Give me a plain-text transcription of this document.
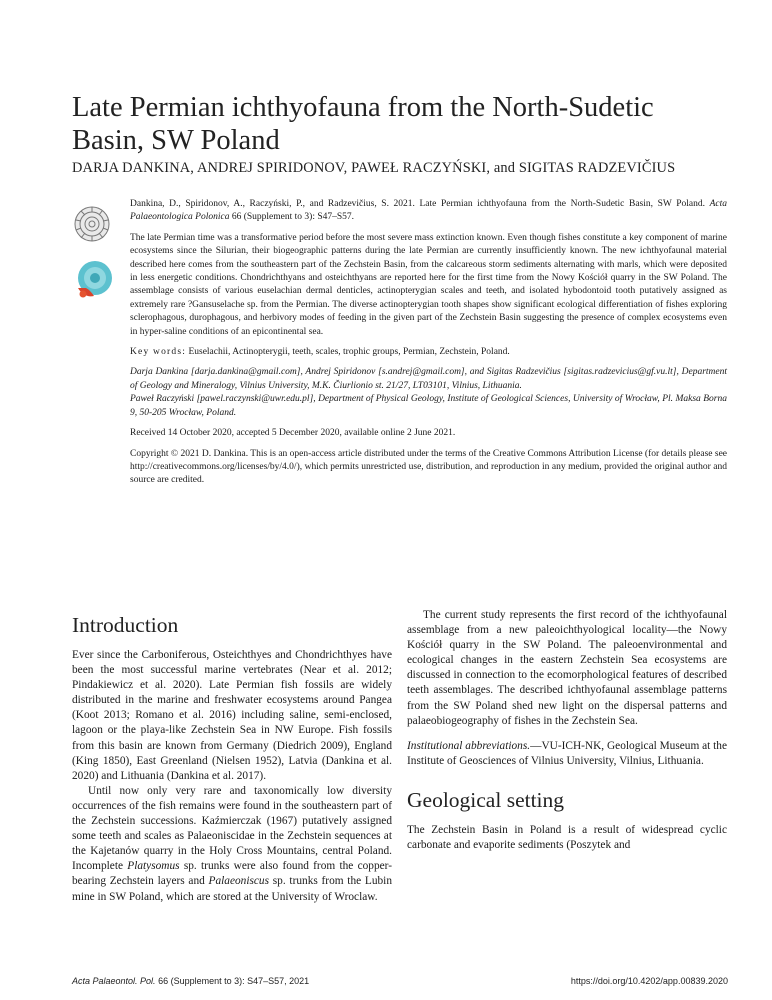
Late Permian ichthyofauna from the North-Sudetic Basin, SW Poland
DARJA DANKINA, ANDREJ SPIRIDONOV, PAWEŁ RACZYŃSKI, and SIGITAS RADZEVIČIUS

Dankina, D., Spiridonov, A., Raczyński, P., and Radzevičius, S. 2021. Late Permian ichthyofauna from the North-Sudetic Basin, SW Poland. Acta Palaeontologica Polonica 66 (Supplement to 3): S47–S57.

The late Permian time was a transformative period before the most severe mass extinction known. Even though fishes constitute a key component of marine ecosystems since the Silurian, their biogeographic patterns during the late Permian are currently insufficiently known. The new ichthyofaunal material described here comes from the southeastern part of the Zechstein Basin, from the calcareous storm sediments alternating with marls, which were deposited in less energetic conditions. Chondrichthyans and osteichthyans are reported here for the first time from the Nowy Kościół quarry in the SW Poland. The assemblage consists of various euselachian dermal denticles, actinopterygian scales and teeth, and isolated hybodontoid tooth putatively assigned as extremely rare ?Gansuselache sp. from the Permian. The diverse actinopterygian tooth shapes show significant ecological differentiation of fishes exploring sclerophagous, durophagous, and herbivory modes of feeding in the given part of the Zechstein Basin suggesting the presence of complex ecosystems even in hyper-saline conditions of an epicontinental sea.

Key words: Euselachii, Actinopterygii, teeth, scales, trophic groups, Permian, Zechstein, Poland.

Darja Dankina [darja.dankina@gmail.com], Andrej Spiridonov [s.andrej@gmail.com], and Sigitas Radzevičius [sigitas.radzevicius@gf.vu.lt], Department of Geology and Mineralogy, Vilnius University, M.K. Čiurlionio st. 21/27, LT03101, Vilnius, Lithuania.

Paweł Raczyński [pawel.raczynski@uwr.edu.pl], Department of Physical Geology, Institute of Geological Sciences, University of Wrocław, Pl. Maksa Borna 9, 50-205 Wrocław, Poland.

Received 14 October 2020, accepted 5 December 2020, available online 2 June 2021.

Copyright © 2021 D. Dankina. This is an open-access article distributed under the terms of the Creative Commons Attribution License (for details please see http://creativecommons.org/licenses/by/4.0/), which permits unrestricted use, distribution, and reproduction in any medium, provided the original author and source are credited.

Introduction

Ever since the Carboniferous, Osteichthyes and Chondrichthyes have been the most successful marine vertebrates (Near et al. 2012; Pindakiewicz et al. 2020). Late Permian fish fossils are widely distributed in the marine and freshwater ecosystems around Pangea (Koot 2013; Romano et al. 2016) including saline, semi-enclosed, lagoon or the playa-like Zechstein Sea in NW Europe. Fish fossils from this basin are known from Germany (Diedrich 2009), England (King 1850), East Greenland (Nielsen 1952), Latvia (Dankina et al. 2020) and Lithuania (Dankina et al. 2017).

Until now only very rare and taxonomically low diversity occurrences of the fish remains were found in the southeastern part of the Zechstein successions. Kaźmierczak (1967) putatively assigned some teeth and scales as Palaeoniscidae in the Zechstein sequences at the Kajetanów quarry in the Holy Cross Mountains, central Poland. Incomplete Platysomus sp. trunks were also found from the copper-bearing Zechstein layers and Palaeoniscus sp. trunks from the Lubin mine in SW Poland, which are stored at the University of Wroclaw.

The current study represents the first record of the ichthyofaunal assemblage from a new paleoichthyological locality—the Nowy Kościół quarry in the SW Poland. The paleoenvironmental and ecological changes in the eastern Zechstein Sea ecosystems are discussed in connection to the ecomorphological features of described teeth assemblages. The described ichthyofaunal assemblage patterns from the SW Poland shed new light on the dispersal patterns and palaeobiogeography of fishes in the Zechstein Sea.

Institutional abbreviations.—VU-ICH-NK, Geological Museum at the Institute of Geosciences of Vilnius University, Vilnius, Lithuania.

Geological setting

The Zechstein Basin in Poland is a result of widespread cyclic carbonate and evaporite sediments (Poszytek and

Acta Palaeontol. Pol. 66 (Supplement to 3): S47–S57, 2021	https://doi.org/10.4202/app.00839.2020
